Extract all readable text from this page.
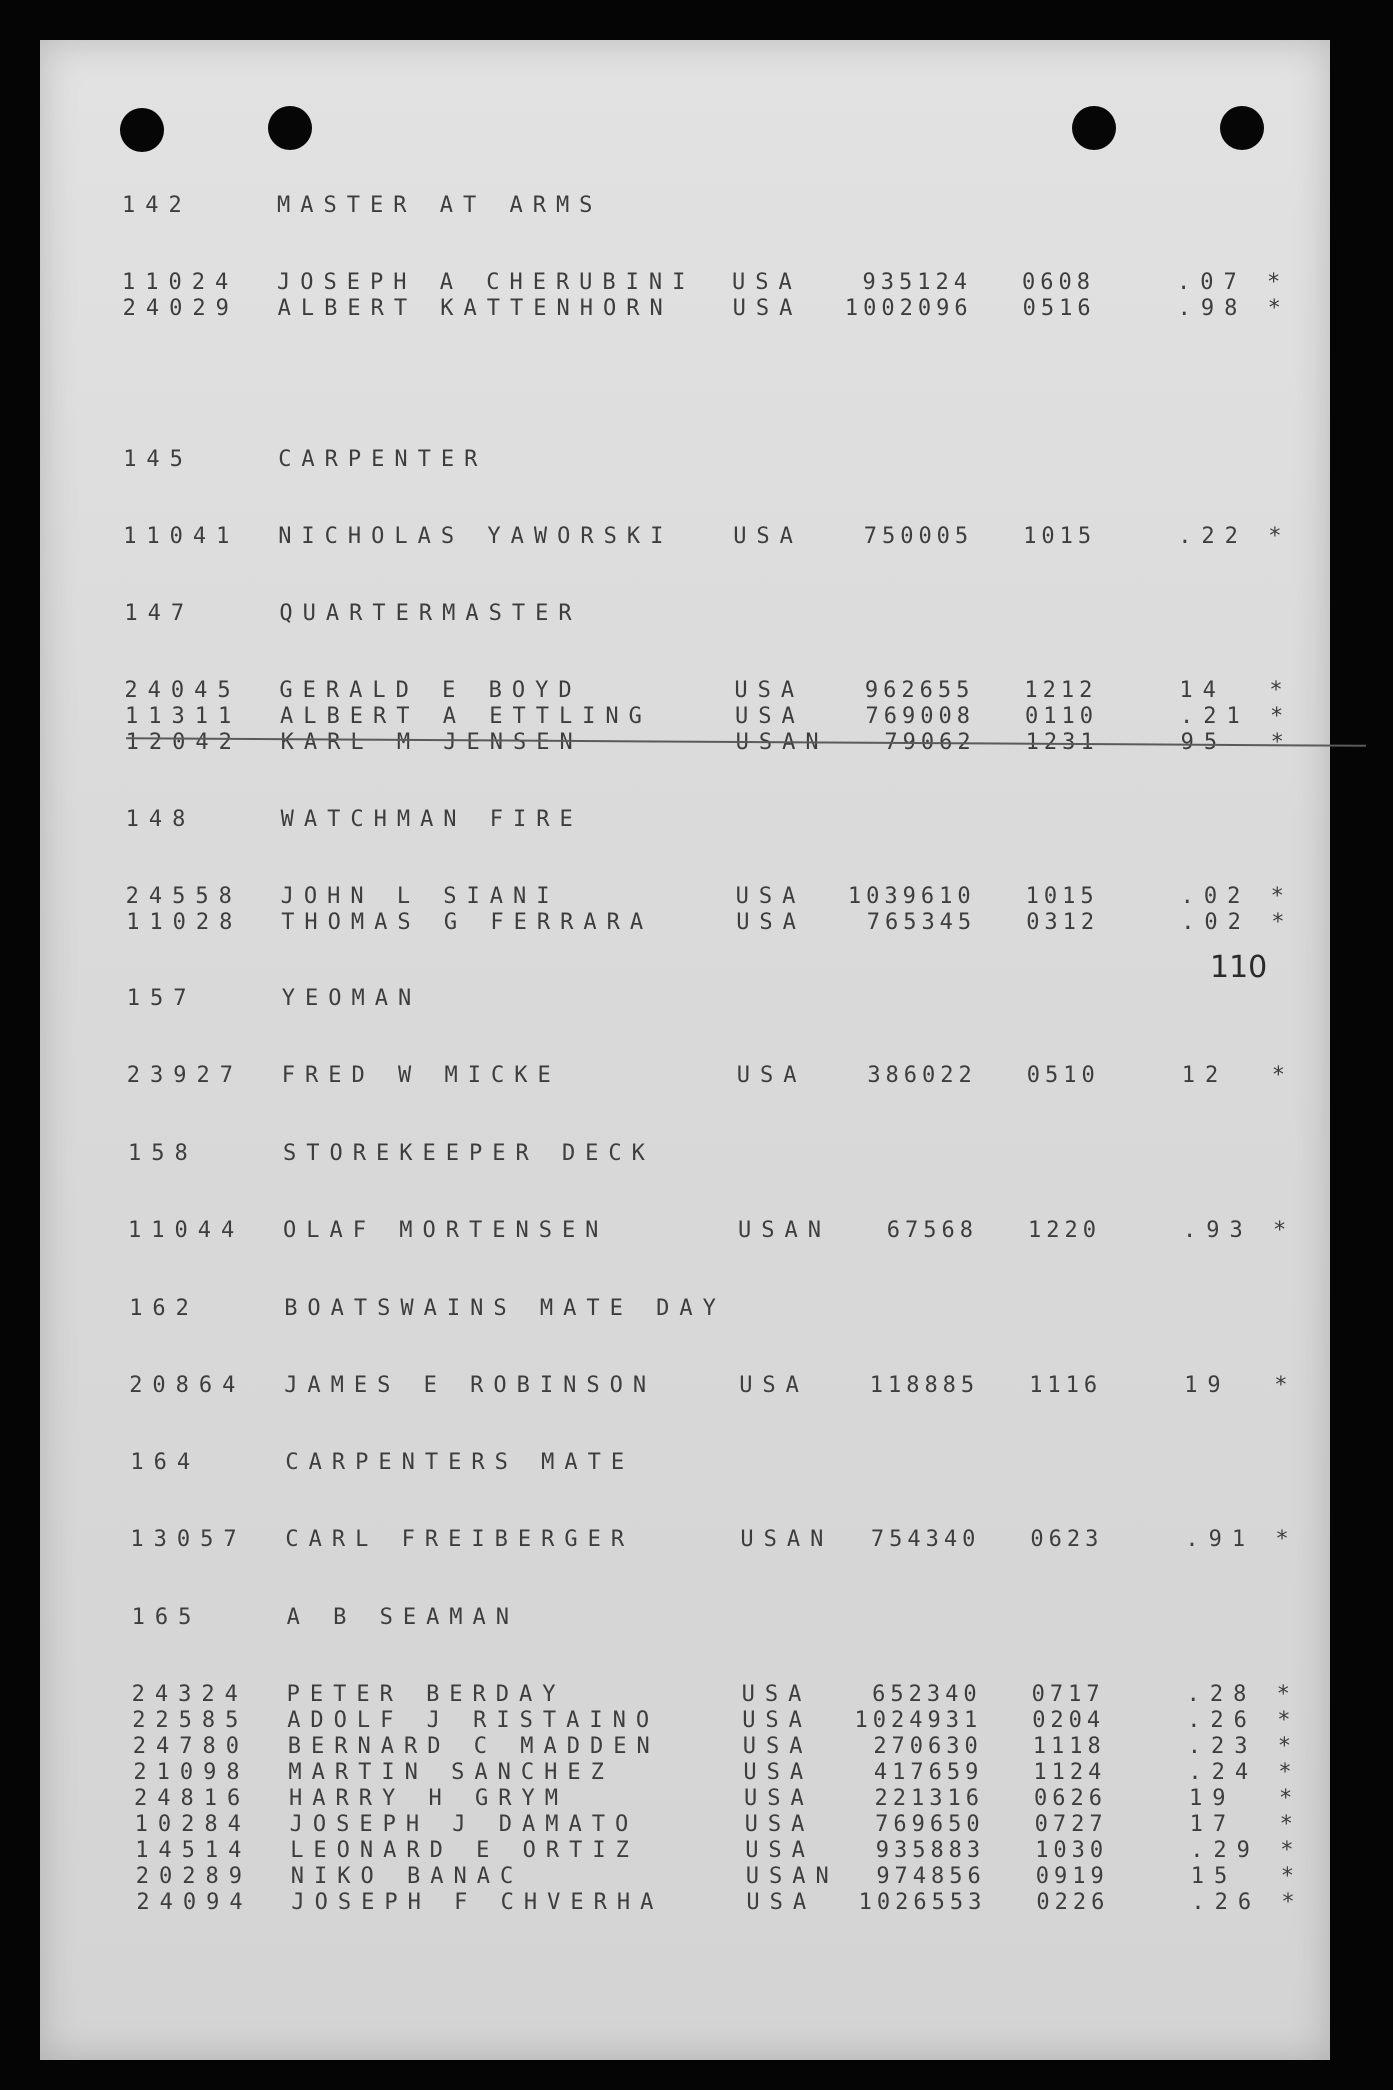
142	MASTER AT ARMS
11024 JOSEPH A CHERUBINI USA	935124 0608	.07 *
24029 ALBERT KATTENHORN	USA	1002096 0516	.98 *
145	CARPENTER
11041 NICHOLAS YAWORSKI	USA	750005 1015	.22 *
147	QUARTERMASTER
24045 GERALD E BOYD	USA	962655 1212	14 *
11311 ALBERT A ETTLING	USA	769008 0110	.21 *
12042 KARL M JENSEN	USAN	79062 1231	95 *
148	WATCHMAN FIRE
24558 JOHN L SIANI	USA	1039610 1015	.02 *
11028 THOMAS G FERRARA	USA	765345 0312	.02 *
157	YEOMAN
23927 FRED W MICKE	USA	386022 0510	12 *
158	STOREKEEPER DECK
11044 OLAF MORTENSEN	USAN	67568 1220	.93 *
162	BOATSWAINS MATE DAY
20864 JAMES E ROBINSON	USA	118885 1116	19 *
164	CARPENTERS MATE
13057 CARL FREIBERGER	USAN	754340 0623	.91 *
165	A B SEAMAN
24324 PETER BERDAY	USA	652340 0717	.28 *
22585 ADOLF J RISTAINO	USA	1024931 0204	.26 *
24780 BERNARD C MADDEN	USA	270630 1118	.23 *
21098 MARTIN SANCHEZ	USA	417659 1124	.24 *
24816 HARRY H GRYM	USA	221316 0626	19 *
10284 JOSEPH J DAMATO	USA	769650 0727	17 *
14514 LEONARD E ORTIZ	USA	935883 1030	.29 *
20289 NIKO BANAC	USAN	974856 0919	15 *
24094 JOSEPH F CHVERHA	USA	1026553 0226	.26 *
110
